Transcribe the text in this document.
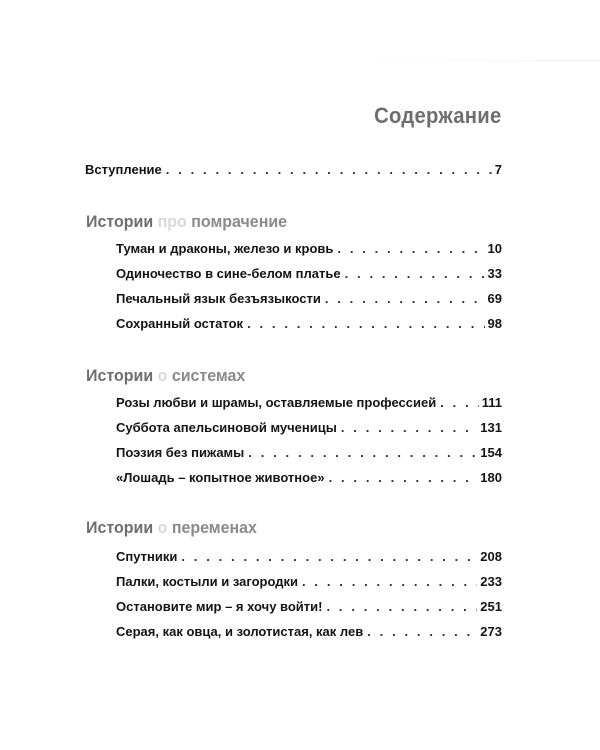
Содержание
Вступление . . .	7
Истории про помрачение
Туман и драконы, железо и кровь . . .	10
Одиночество в сине-белом платье . . .	33
Печальный язык безъязыкости . . .	69
Сохранный остаток . . .	98
Истории о системах
Розы любви и шрамы, оставляемые профессией . . .	111
Суббота апельсиновой мученицы . . .	131
Поэзия без пижамы . . .	154
«Лошадь – копытное животное» . . .	180
Истории о переменах
Спутники . . .	208
Палки, костыли и загородки . . .	233
Остановите мир – я хочу войти! . . .	251
Серая, как овца, и золотистая, как лев . . .	273
